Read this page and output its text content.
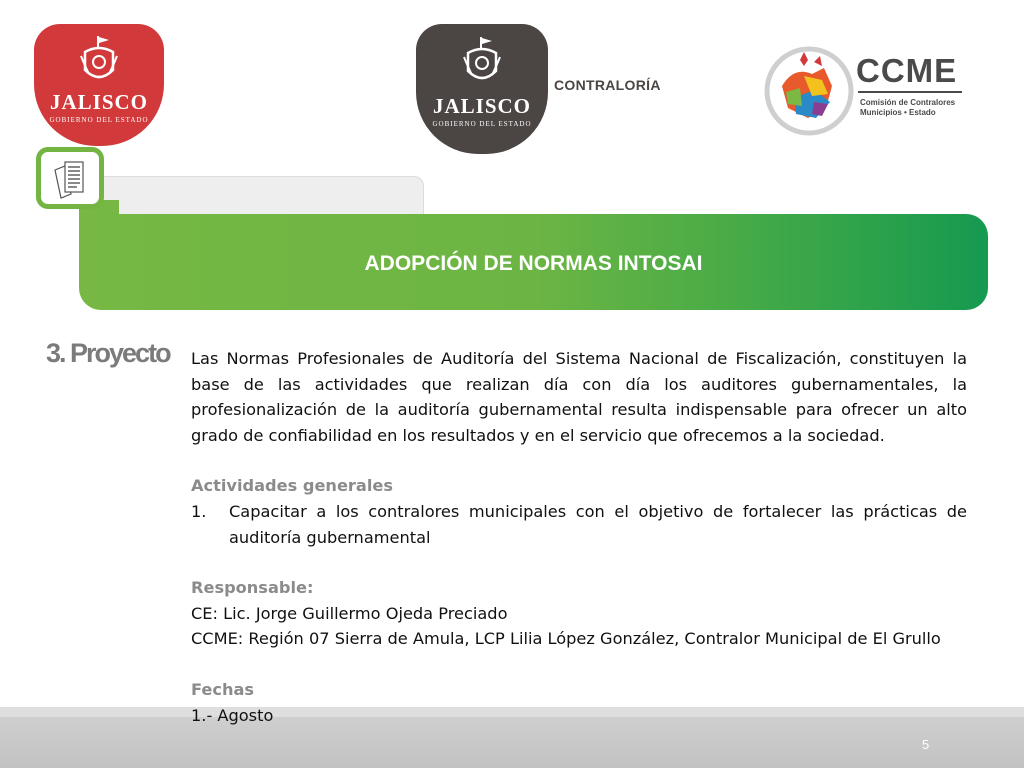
JALISCO
GOBIERNO DEL ESTADO
JALISCO
GOBIERNO DEL ESTADO
CONTRALORÍA	CCME
Comisión de Contralores
Municipios • Estado
ADOPCIÓN DE NORMAS INTOSAI
3. Proyecto
5

Las Normas Profesionales de Auditoría del Sistema Nacional de Fiscalización, constituyen la base de las actividades que realizan día con día los auditores gubernamentales, la profesionalización de la auditoría gubernamental resulta indispensable para ofrecer un alto grado de confiabilidad en los resultados y en el servicio que ofrecemos a la sociedad.

Actividades generales

1.	Capacitar a los contralores municipales con el objetivo de fortalecer las prácticas de auditoría gubernamental

Responsable:

CE: Lic. Jorge Guillermo Ojeda Preciado

CCME: Región 07 Sierra de Amula, LCP Lilia López González, Contralor Municipal de El Grullo

Fechas

1.- Agosto
